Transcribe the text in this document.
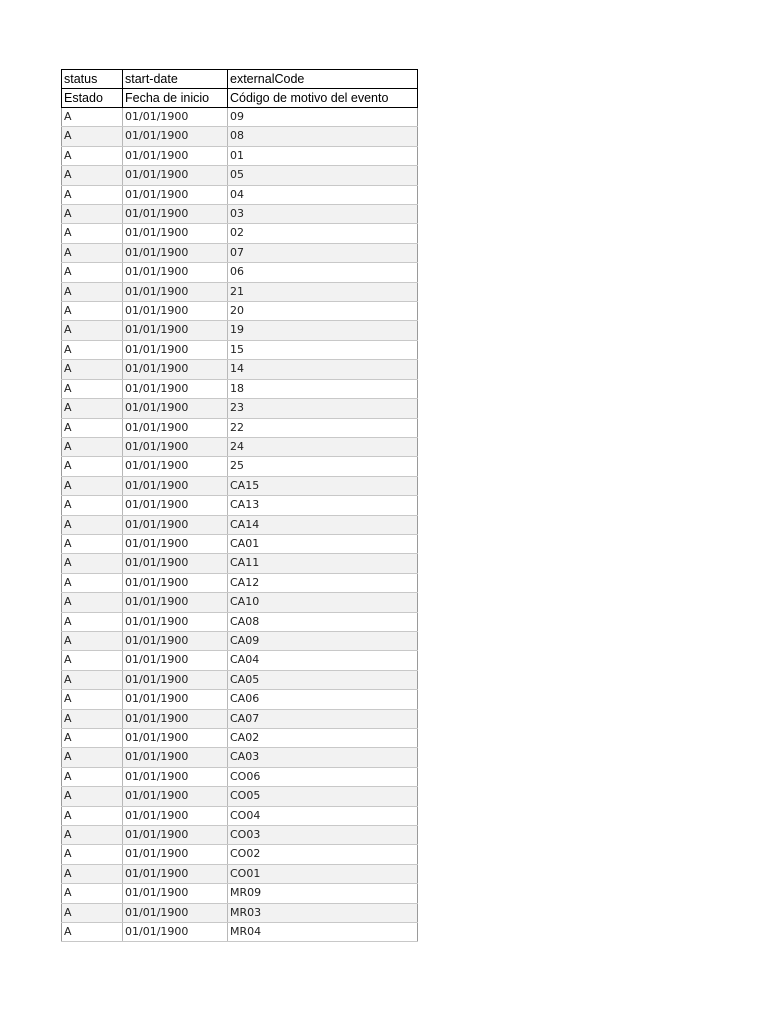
status	start-date	externalCode
Estado	Fecha de inicio	Código de motivo del evento
A	01/01/1900	09
A	01/01/1900	08
A	01/01/1900	01
A	01/01/1900	05
A	01/01/1900	04
A	01/01/1900	03
A	01/01/1900	02
A	01/01/1900	07
A	01/01/1900	06
A	01/01/1900	21
A	01/01/1900	20
A	01/01/1900	19
A	01/01/1900	15
A	01/01/1900	14
A	01/01/1900	18
A	01/01/1900	23
A	01/01/1900	22
A	01/01/1900	24
A	01/01/1900	25
A	01/01/1900	CA15
A	01/01/1900	CA13
A	01/01/1900	CA14
A	01/01/1900	CA01
A	01/01/1900	CA11
A	01/01/1900	CA12
A	01/01/1900	CA10
A	01/01/1900	CA08
A	01/01/1900	CA09
A	01/01/1900	CA04
A	01/01/1900	CA05
A	01/01/1900	CA06
A	01/01/1900	CA07
A	01/01/1900	CA02
A	01/01/1900	CA03
A	01/01/1900	CO06
A	01/01/1900	CO05
A	01/01/1900	CO04
A	01/01/1900	CO03
A	01/01/1900	CO02
A	01/01/1900	CO01
A	01/01/1900	MR09
A	01/01/1900	MR03
A	01/01/1900	MR04
